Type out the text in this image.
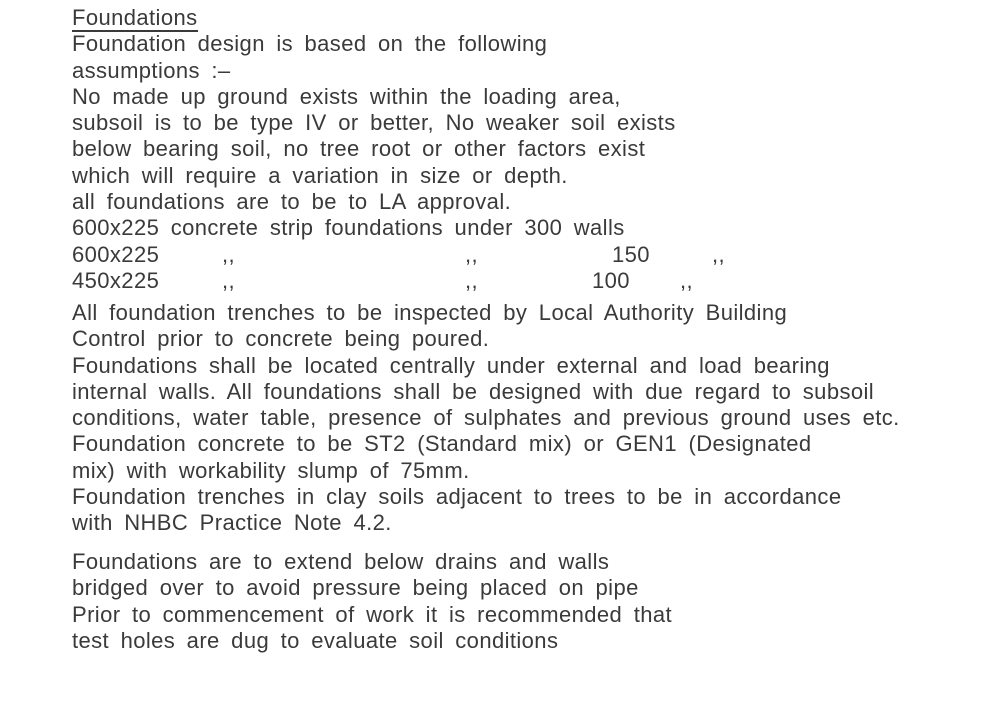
Foundations
Foundation design is based on the following
assumptions :–
No made up ground exists within the loading area,
subsoil is to be type IV or better, No weaker soil exists
below bearing soil, no tree root or other factors exist
which will require a variation in size or depth.
all foundations are to be to LA approval.
600x225 concrete strip foundations under 300 walls
600x225	,,	,,	150	,,
450x225	,,	,,	100 ,,
All foundation trenches to be inspected by Local Authority Building
Control prior to concrete being poured.
Foundations shall be located centrally under external and load bearing
internal walls. All foundations shall be designed with due regard to subsoil
conditions, water table, presence of sulphates and previous ground uses etc.
Foundation concrete to be ST2 (Standard mix) or GEN1 (Designated
mix) with workability slump of 75mm.
Foundation trenches in clay soils adjacent to trees to be in accordance
with NHBC Practice Note 4.2.
Foundations are to extend below drains and walls
bridged over to avoid pressure being placed on pipe
Prior to commencement of work it is recommended that
test holes are dug to evaluate soil conditions
